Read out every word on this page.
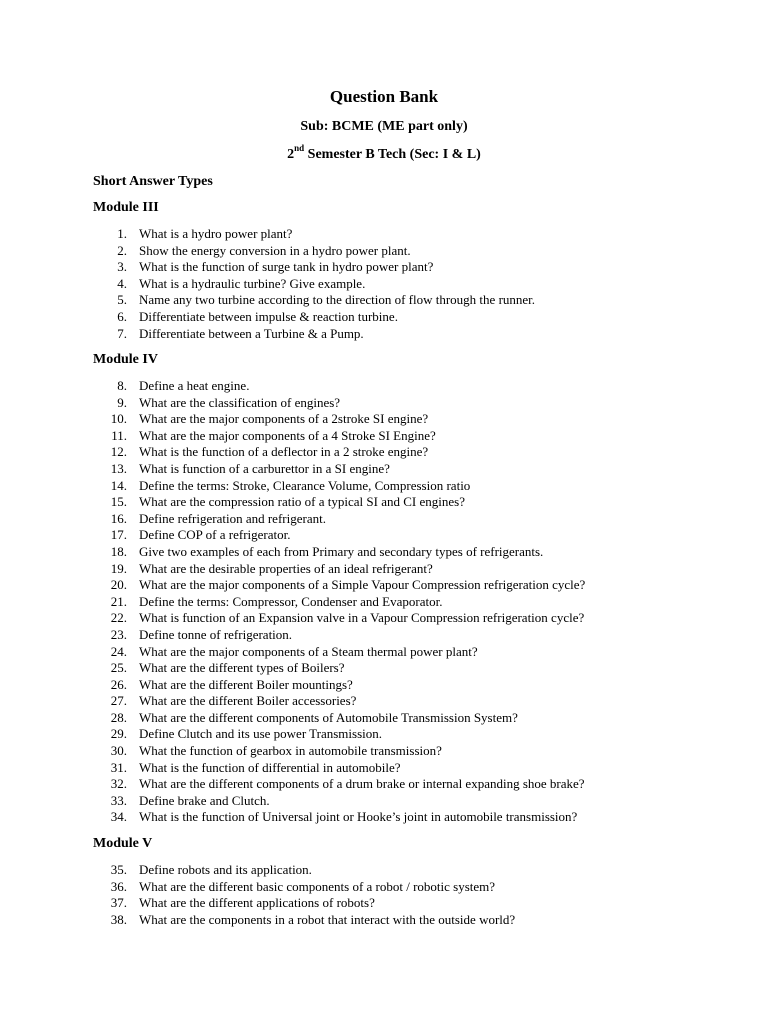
Question Bank
Sub: BCME (ME part only)
2nd Semester B Tech (Sec: I & L)
Short Answer Types
Module III
1. What is a hydro power plant?
2. Show the energy conversion in a hydro power plant.
3. What is the function of surge tank in hydro power plant?
4. What is a hydraulic turbine? Give example.
5. Name any two turbine according to the direction of flow through the runner.
6. Differentiate between impulse & reaction turbine.
7. Differentiate between a Turbine & a Pump.
Module IV
8. Define a heat engine.
9. What are the classification of engines?
10. What are the major components of a 2stroke SI engine?
11. What are the major components of a 4 Stroke SI Engine?
12. What is the function of a deflector in a 2 stroke engine?
13. What is function of a carburettor in a SI engine?
14. Define the terms: Stroke, Clearance Volume, Compression ratio
15. What are the compression ratio of a typical SI and CI engines?
16. Define refrigeration and refrigerant.
17. Define COP of a refrigerator.
18. Give two examples of each from Primary and secondary types of refrigerants.
19. What are the desirable properties of an ideal refrigerant?
20. What are the major components of a Simple Vapour Compression refrigeration cycle?
21. Define the terms: Compressor, Condenser and Evaporator.
22. What is function of an Expansion valve in a Vapour Compression refrigeration cycle?
23. Define tonne of refrigeration.
24. What are the major components of a Steam thermal power plant?
25. What are the different types of Boilers?
26. What are the different Boiler mountings?
27. What are the different Boiler accessories?
28. What are the different components of Automobile Transmission System?
29. Define Clutch and its use power Transmission.
30. What the function of gearbox in automobile transmission?
31. What is the function of differential in automobile?
32. What are the different components of a drum brake or internal expanding shoe brake?
33. Define brake and Clutch.
34. What is the function of Universal joint or Hooke’s joint in automobile transmission?
Module V
35. Define robots and its application.
36. What are the different basic components of a robot / robotic system?
37. What are the different applications of robots?
38. What are the components in a robot that interact with the outside world?
